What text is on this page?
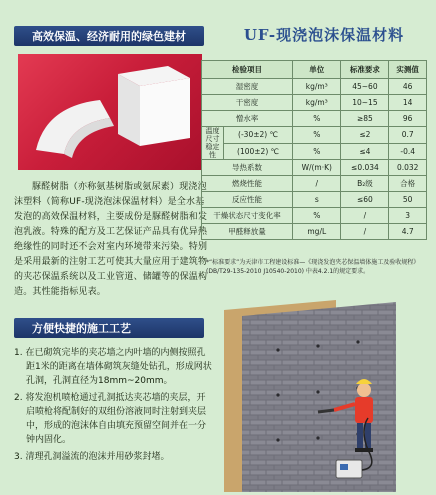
高效保温、经济耐用的绿色建材

脲醛树脂（亦称氨基树脂或氨尿素）现浇泡沫塑料（简称UF-现浇泡沫保温材料）是全水基发泡的高效保温材料，主要成份是脲醛树脂和发泡乳液。特殊的配方及工艺保证产品具有优异热绝缘性的同时还不会对室内环境带来污染。特别是采用最新的注射工艺可使其大量应用于建筑物的夹芯保温系统以及工业管道、储罐等的保温构造。其性能指标见表。

UF-现浇泡沫保温材料
检验项目		单位	标准要求	实测值
湿密度		kg/m³	45~60	46
干密度		kg/m³	10~15	14
憎水率		%	≥85	96
温度尺寸稳定性	(-30±2) ℃	%	≤2	0.7
	(100±2) ℃	%	≤4	-0.4
导热系数		W/(m·K)	≤0.034	0.032
燃烧性能		/	B₂级	合格
反应性能		s	≤60	50
干燥状态尺寸变化率		%	/	3
甲醛释放量		mg/L	/	4.7

*“标准要求”为天津市工程建设标准—《现浇发泡夹芯保温墙体施工及验收规程》(DB/T29-135-2010 J10540-2010) 中表4.2.1的规定要求。

方便快捷的施工工艺
1. 在已砌筑完毕的夹芯墙之内叶墙的内侧按照孔距1米的距离在墙体砌筑灰缝处钻孔，形成网状孔洞，孔洞直径为18mm~20mm。
2. 将发泡机喷枪通过孔洞抵达夹芯墙的夹层，开启喷枪将配制好的双组份溶液同时注射到夹层中，形成的泡沫体自由填充预留空间并在一分钟内固化。
3. 清理孔洞溢流的泡沫并用砂浆封堵。
